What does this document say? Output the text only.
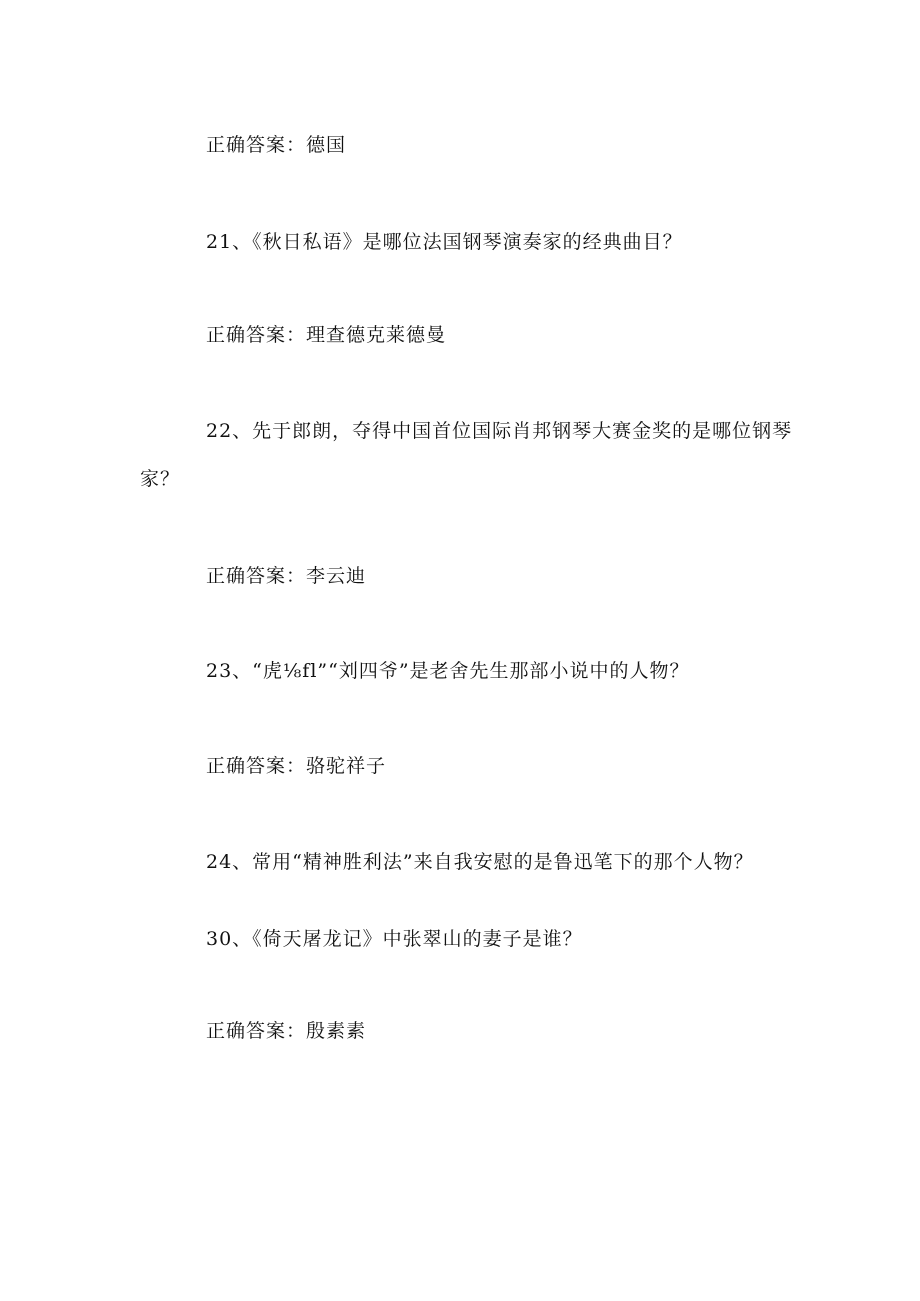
正确答案：德国
21、《秋日私语》是哪位法国钢琴演奏家的经典曲目？
正确答案：理查德克莱德曼
22、先于郎朗，夺得中国首位国际肖邦钢琴大赛金奖的是哪位钢琴
家？
正确答案：李云迪
23、“虎⅛fl”“刘四爷”是老舍先生那部小说中的人物？
正确答案：骆驼祥子
24、常用“精神胜利法”来自我安慰的是鲁迅笔下的那个人物？
30、《倚天屠龙记》中张翠山的妻子是谁？
正确答案：殷素素
